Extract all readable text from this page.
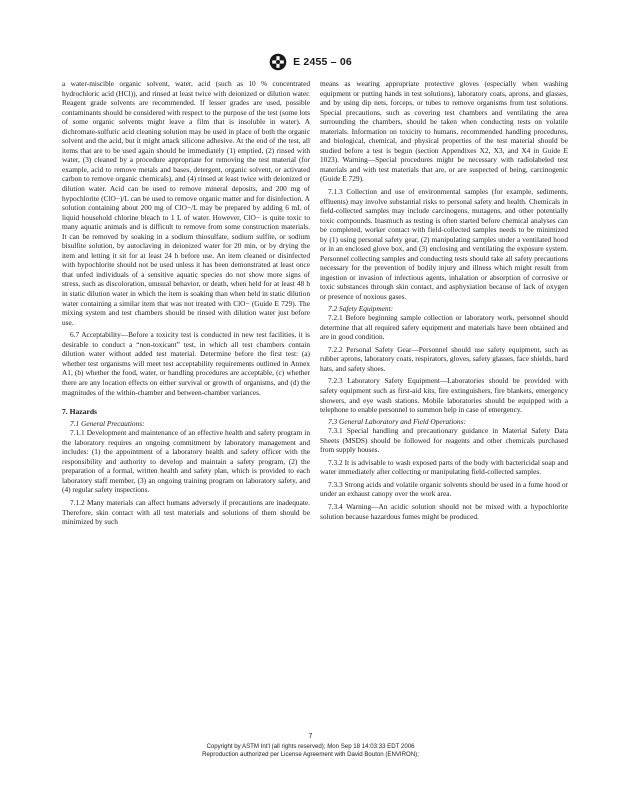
E 2455 – 06

a water-miscible organic solvent, water, acid (such as 10 % concentrated hydrochloric acid (HCl)), and rinsed at least twice with deionized or dilution water. Reagent grade solvents are recommended. If lesser grades are used, possible contaminants should be considered with respect to the purpose of the test (some lots of some organic solvents might leave a film that is insoluble in water). A dichromate-sulfuric acid cleaning solution may be used in place of both the organic solvent and the acid, but it might attack silicone adhesive. At the end of the test, all items that are to be used again should be immediately (1) emptied, (2) rinsed with water, (3) cleaned by a procedure appropriate for removing the test material (for example, acid to remove metals and bases, detergent, organic solvent, or activated carbon to remove organic chemicals), and (4) rinsed at least twice with deionized or dilution water. Acid can be used to remove mineral deposits, and 200 mg of hypochlorite (ClO−)/L can be used to remove organic matter and for disinfection. A solution containing about 200 mg of ClO−/L may be prepared by adding 6 mL of liquid household chlorine bleach to 1 L of water. However, ClO− is quite toxic to many aquatic animals and is difficult to remove from some construction materials. It can be removed by soaking in a sodium thiosulfate, sodium sulfite, or sodium bisulfite solution, by autoclaving in deionized water for 20 min, or by drying the item and letting it sit for at least 24 h before use. An item cleaned or disinfected with hypochlorite should not be used unless it has been demonstrated at least once that unfed individuals of a sensitive aquatic species do not show more signs of stress, such as discoloration, unusual behavior, or death, when held for at least 48 h in static dilution water in which the item is soaking than when held in static dilution water containing a similar item that was not treated with ClO− (Guide E 729). The mixing system and test chambers should be rinsed with dilution water just before use.

6.7 Acceptability—Before a toxicity test is conducted in new test facilities, it is desirable to conduct a “non-toxicant” test, in which all test chambers contain dilution water without added test material. Determine before the first test: (a) whether test organisms will meet test acceptability requirements outlined in Annex A1, (b) whether the food, water, or handling procedures are acceptable, (c) whether there are any location effects on either survival or growth of organisms, and (d) the magnitudes of the within-chamber and between-chamber variances.

7. Hazards
7.1 General Precautions:

7.1.1 Development and maintenance of an effective health and safety program in the laboratory requires an ongoing commitment by laboratory management and includes: (1) the appointment of a laboratory health and safety officer with the responsibility and authority to develop and maintain a safety program, (2) the preparation of a formal, written health and safety plan, which is provided to each laboratory staff member, (3) an ongoing training program on laboratory safety, and (4) regular safety inspections.

7.1.2 Many materials can affect humans adversely if precautions are inadequate. Therefore, skin contact with all test materials and solutions of them should be minimized by such

means as wearing appropriate protective gloves (especially when washing equipment or putting hands in test solutions), laboratory coats, aprons, and glasses, and by using dip nets, forceps, or tubes to remove organisms from test solutions. Special precautions, such as covering test chambers and ventilating the area surrounding the chambers, should be taken when conducting tests on volatile materials. Information on toxicity to humans, recommended handling procedures, and biological, chemical, and physical properties of the test material should be studied before a test is begun (section Appendixes X2, X3, and X4 in Guide E 1023). Warning—Special procedures might be necessary with radiolabeled test materials and with test materials that are, or are suspected of being, carcinogenic (Guide E 729).

7.1.3 Collection and use of environmental samples (for example, sediments, effluents) may involve substantial risks to personal safety and health. Chemicals in field-collected samples may include carcinogens, mutagens, and other potentially toxic compounds. Inasmuch as testing is often started before chemical analyses can be completed, worker contact with field-collected samples needs to be minimized by (1) using personal safety gear, (2) manipulating samples under a ventilated hood or in an enclosed glove box, and (3) enclosing and ventilating the exposure system. Personnel collecting samples and conducting tests should take all safety precautions necessary for the prevention of bodily injury and illness which might result from ingestion or invasion of infectious agents, inhalation or absorption of corrosive or toxic substances through skin contact, and asphyxiation because of lack of oxygen or presence of noxious gases.

7.2 Safety Equipment:

7.2.1 Before beginning sample collection or laboratory work, personnel should determine that all required safety equipment and materials have been obtained and are in good condition.

7.2.2 Personal Safety Gear—Personnel should use safety equipment, such as rubber aprons, laboratory coats, respirators, gloves, safety glasses, face shields, hard hats, and safety shoes.

7.2.3 Laboratory Safety Equipment—Laboratories should be provided with safety equipment such as first-aid kits, fire extinguishers, fire blankets, emergency showers, and eye wash stations. Mobile laboratories should be equipped with a telephone to enable personnel to summon help in case of emergency.

7.3 General Laboratory and Field Operations:

7.3.1 Special handling and precautionary guidance in Material Safety Data Sheets (MSDS) should be followed for reagents and other chemicals purchased from supply houses.

7.3.2 It is advisable to wash exposed parts of the body with bactericidal soap and water immediately after collecting or manipulating field-collected samples.

7.3.3 Strong acids and volatile organic solvents should be used in a fume hood or under an exhaust canopy over the work area.

7.3.4 Warning—An acidic solution should not be mixed with a hypochlorite solution because hazardous fumes might be produced.

7
Copyright by ASTM Int'l (all rights reserved); Mon Sep 18 14:03:33 EDT 2006
Reproduction authorized per License Agreement with David Bouton (ENVIRON);
